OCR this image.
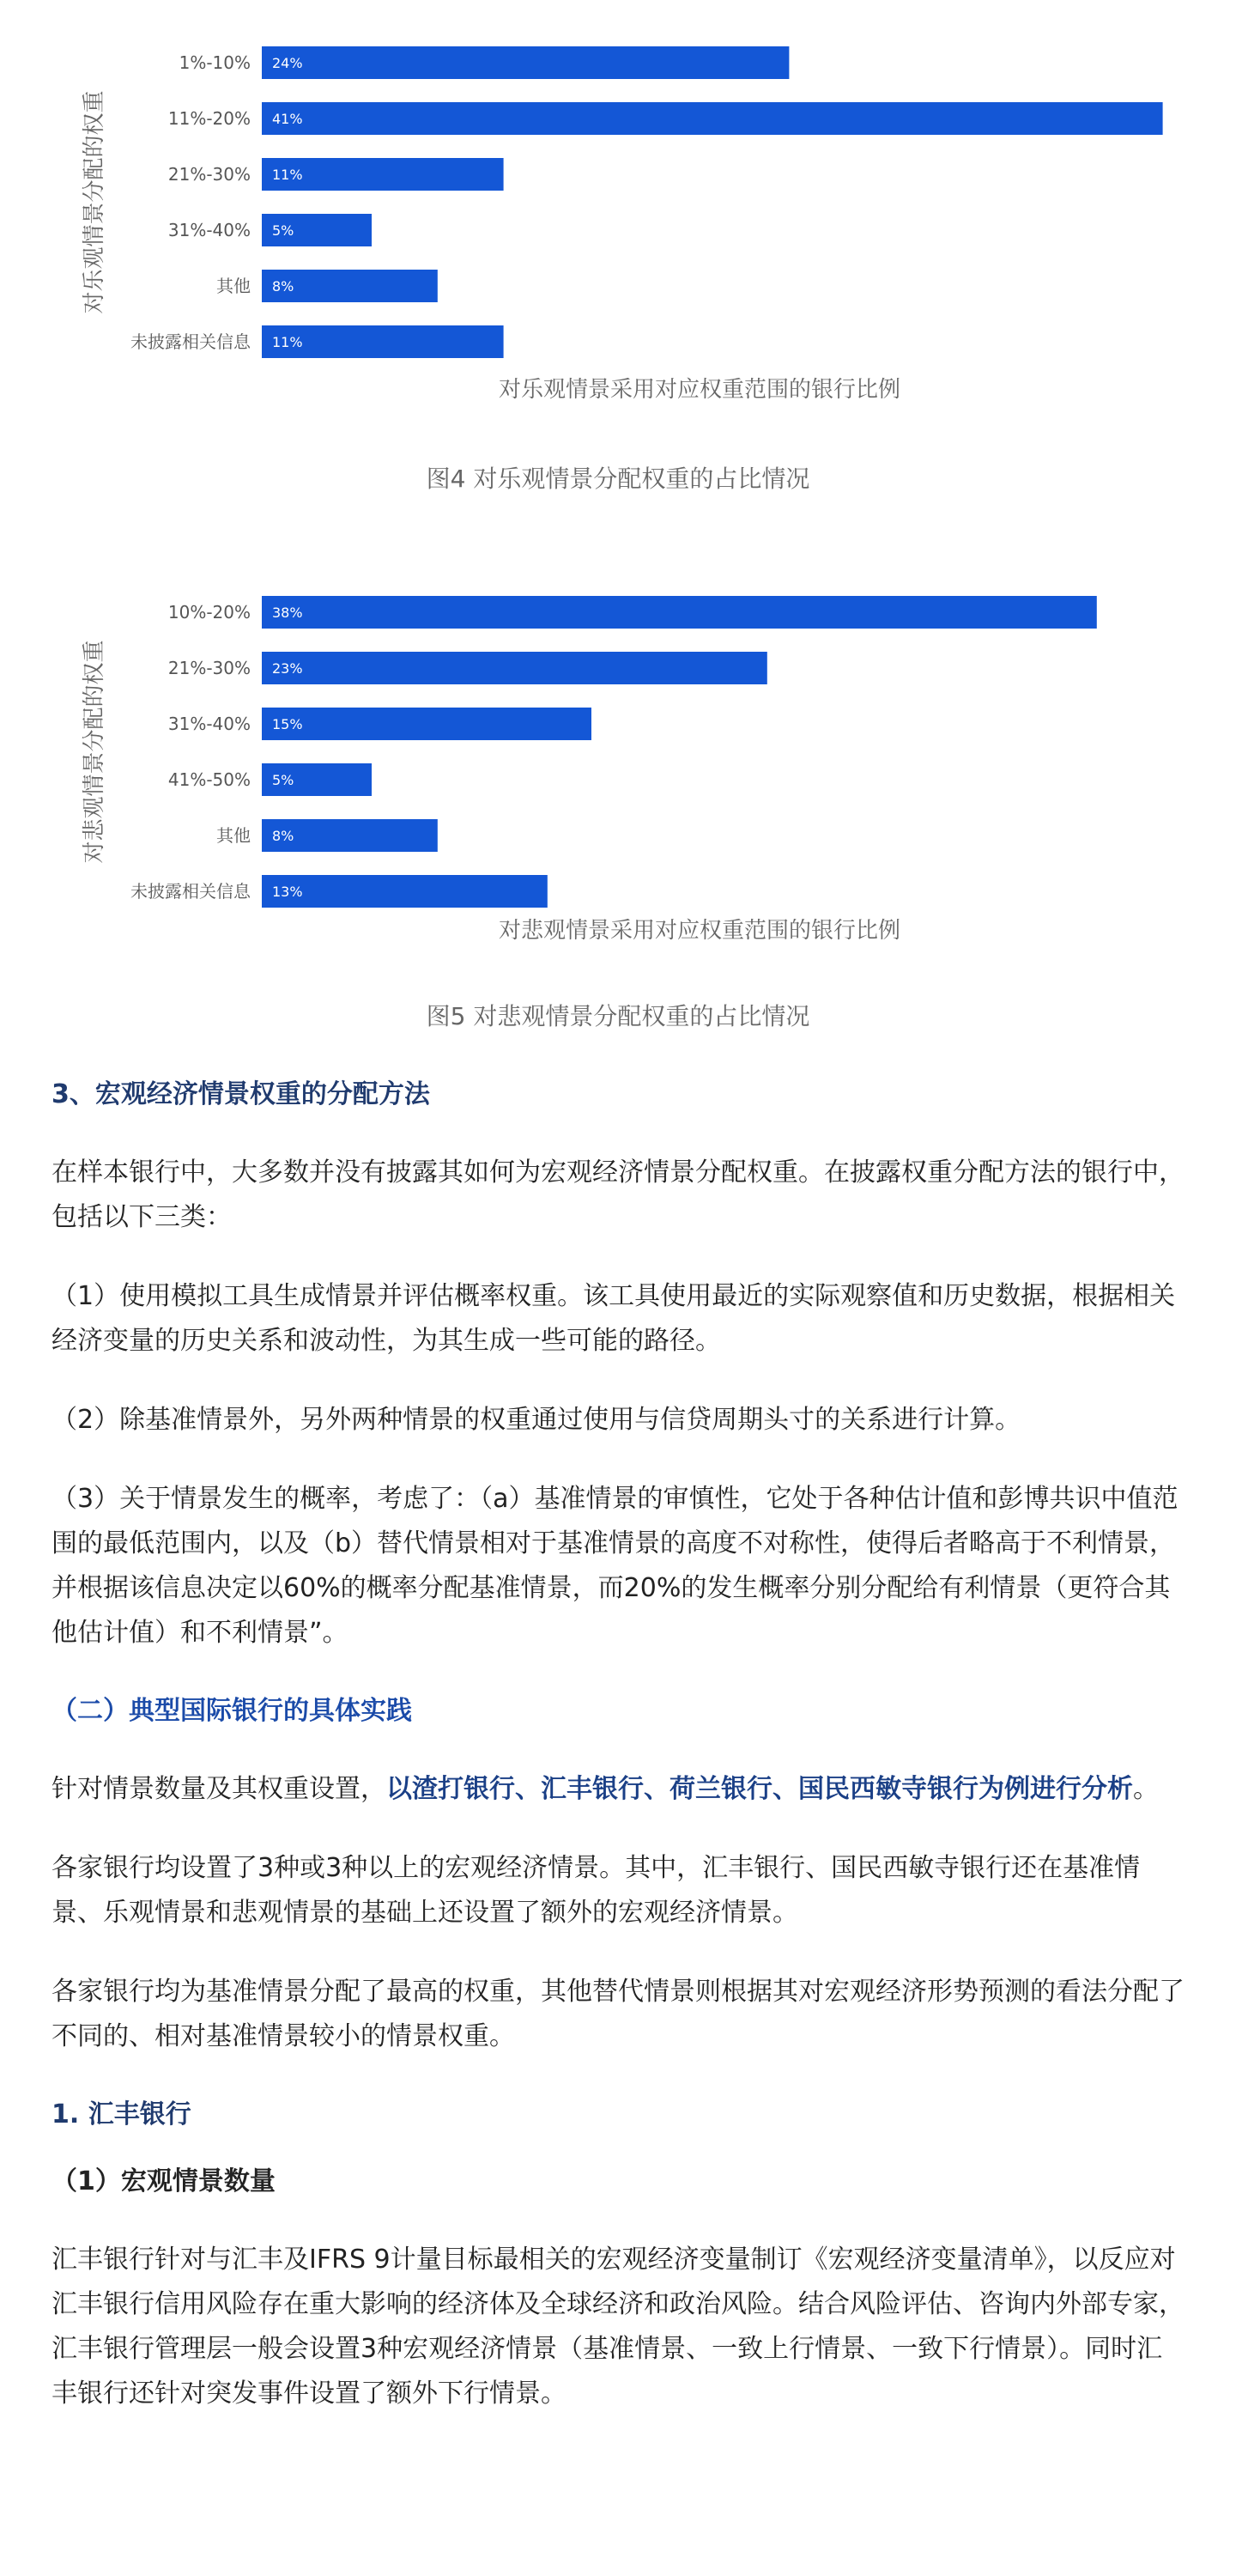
1%-10% 24%
11%-20% 41%
21%-30% 11%
31%-40% 5%
其他 8%
未披露相关信息 11%
对乐观情景分配的权重
对乐观情景采用对应权重范围的银行比例
图4 对乐观情景分配权重的占比情况
10%-20% 38%
21%-30% 23%
31%-40% 15%
41%-50% 5%
其他 8%
未披露相关信息 13%
对悲观情景分配的权重
对悲观情景采用对应权重范围的银行比例
图5 对悲观情景分配权重的占比情况
3、宏观经济情景权重的分配方法

在样本银行中，大多数并没有披露其如何为宏观经济情景分配权重。在披露权重分配方法的银行中，包括以下三类：

（1）使用模拟工具生成情景并评估概率权重。该工具使用最近的实际观察值和历史数据，根据相关经济变量的历史关系和波动性，为其生成一些可能的路径。

（2）除基准情景外，另外两种情景的权重通过使用与信贷周期头寸的关系进行计算。

（3）关于情景发生的概率，考虑了：（a）基准情景的审慎性，它处于各种估计值和彭博共识中值范围的最低范围内，以及（b）替代情景相对于基准情景的高度不对称性，使得后者略高于不利情景，并根据该信息决定以60%的概率分配基准情景，而20%的发生概率分别分配给有利情景（更符合其他估计值）和不利情景”。

（二）典型国际银行的具体实践

针对情景数量及其权重设置，以渣打银行、汇丰银行、荷兰银行、国民西敏寺银行为例进行分析。

各家银行均设置了3种或3种以上的宏观经济情景。其中，汇丰银行、国民西敏寺银行还在基准情景、乐观情景和悲观情景的基础上还设置了额外的宏观经济情景。

各家银行均为基准情景分配了最高的权重，其他替代情景则根据其对宏观经济形势预测的看法分配了不同的、相对基准情景较小的情景权重。

1. 汇丰银行
（1）宏观情景数量

汇丰银行针对与汇丰及IFRS 9计量目标最相关的宏观经济变量制订《宏观经济变量清单》，以反应对汇丰银行信用风险存在重大影响的经济体及全球经济和政治风险。结合风险评估、咨询内外部专家，汇丰银行管理层一般会设置3种宏观经济情景（基准情景、一致上行情景、一致下行情景）。同时汇丰银行还针对突发事件设置了额外下行情景。
